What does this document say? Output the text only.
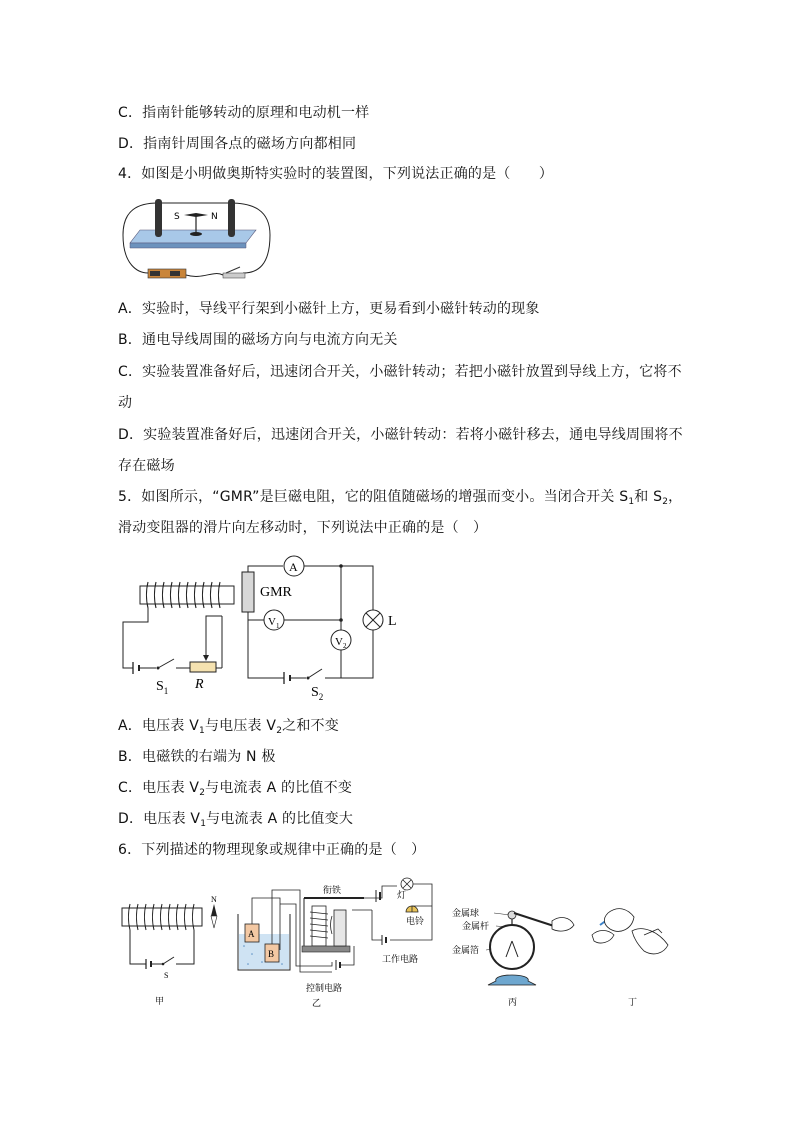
C．指南针能够转动的原理和电动机一样
D．指南针周围各点的磁场方向都相同
4．如图是小明做奥斯特实验时的装置图，下列说法正确的是（　　）
S	N
A．实验时，导线平行架到小磁针上方，更易看到小磁针转动的现象
B．通电导线周围的磁场方向与电流方向无关
C．实验装置准备好后，迅速闭合开关，小磁针转动；若把小磁针放置到导线上方，它将不
动
D．实验装置准备好后，迅速闭合开关，小磁针转动：若将小磁针移去，通电导线周围将不
存在磁场
5．如图所示，“GMR”是巨磁电阻，它的阻值随磁场的增强而变小。当闭合开关 $S_1$和 $S_2$，
滑动变阻器的滑片向左移动时，下列说法中正确的是（　）
$S_1$ R
GMR
A
$V_1$
$V_2$
L
$S_2$
A．电压表 $V_1$与电压表 $V_2$之和不变
B．电磁铁的右端为 N 极
C．电压表 $V_2$与电流表 A 的比值不变
D．电压表 $V_1$与电流表 A 的比值变大
6．下列描述的物理现象或规律中正确的是（　）
S
N
甲
A
B
控制电路
衔铁	灯
电铃
工作电路
乙
金属球
金属杆
金属箔
丙	丁
